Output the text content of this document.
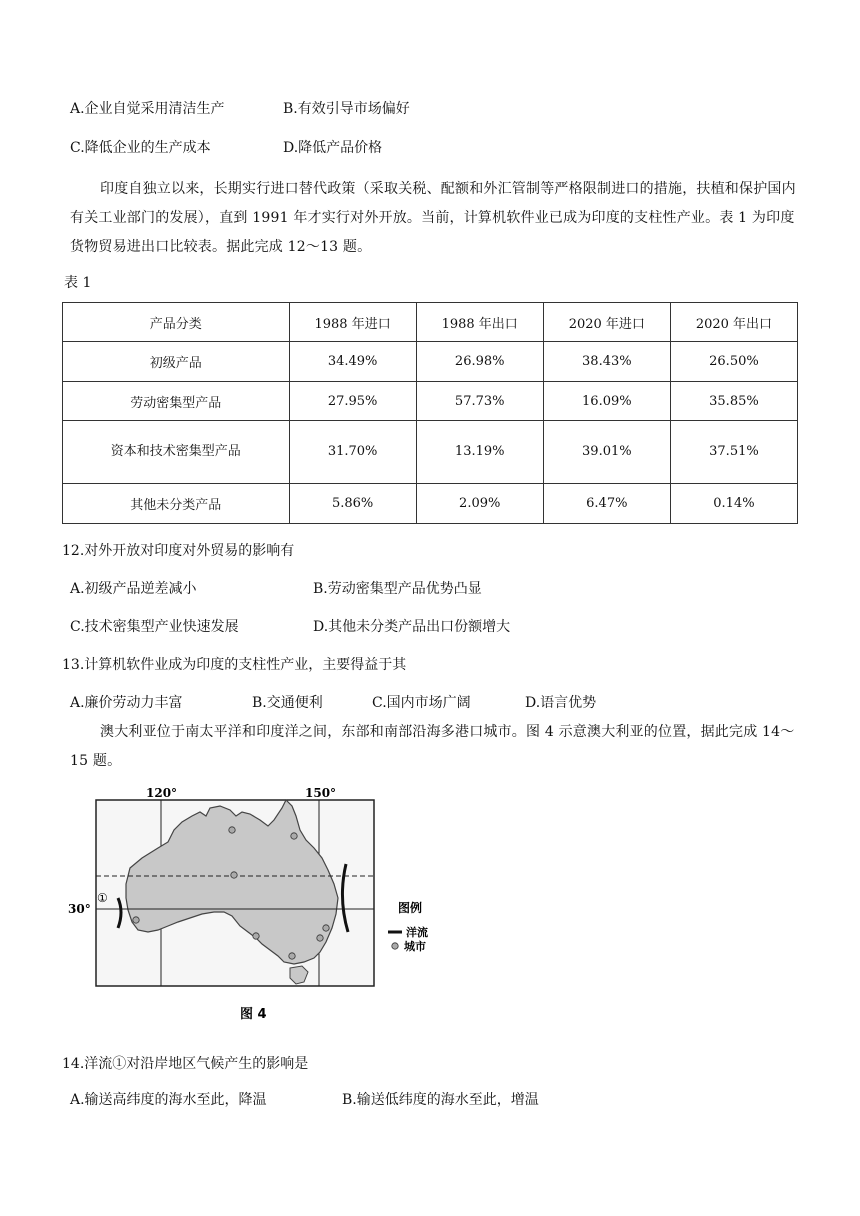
A.企业自觉采用清洁生产	B.有效引导市场偏好
C.降低企业的生产成本	D.降低产品价格
印度自独立以来，长期实行进口替代政策（采取关税、配额和外汇管制等严格限制进口的措施，扶植和保护国内有关工业部门的发展），直到 1991 年才实行对外开放。当前，计算机软件业已成为印度的支柱性产业。表 1 为印度货物贸易进出口比较表。据此完成 12～13 题。
表 1
产品分类	1988 年进口	1988 年出口	2020 年进口	2020 年出口
初级产品	34.49%	26.98%	38.43%	26.50%
劳动密集型产品	27.95%	57.73%	16.09%	35.85%
资本和技术密集型产品	31.70%	13.19%	39.01%	37.51%
其他未分类产品	5.86%	2.09%	6.47%	0.14%
12.对外开放对印度对外贸易的影响有
A.初级产品逆差减小	B.劳动密集型产品优势凸显
C.技术密集型产业快速发展	D.其他未分类产品出口份额增大
13.计算机软件业成为印度的支柱性产业，主要得益于其
A.廉价劳动力丰富	B.交通便利	C.国内市场广阔	D.语言优势
澳大利亚位于南太平洋和印度洋之间，东部和南部沿海多港口城市。图 4 示意澳大利亚的位置，据此完成 14～15 题。
120°	150°
30°
①
图例
洋流
城市
图 4
14.洋流①对沿岸地区气候产生的影响是
A.输送高纬度的海水至此，降温	B.输送低纬度的海水至此，增温
